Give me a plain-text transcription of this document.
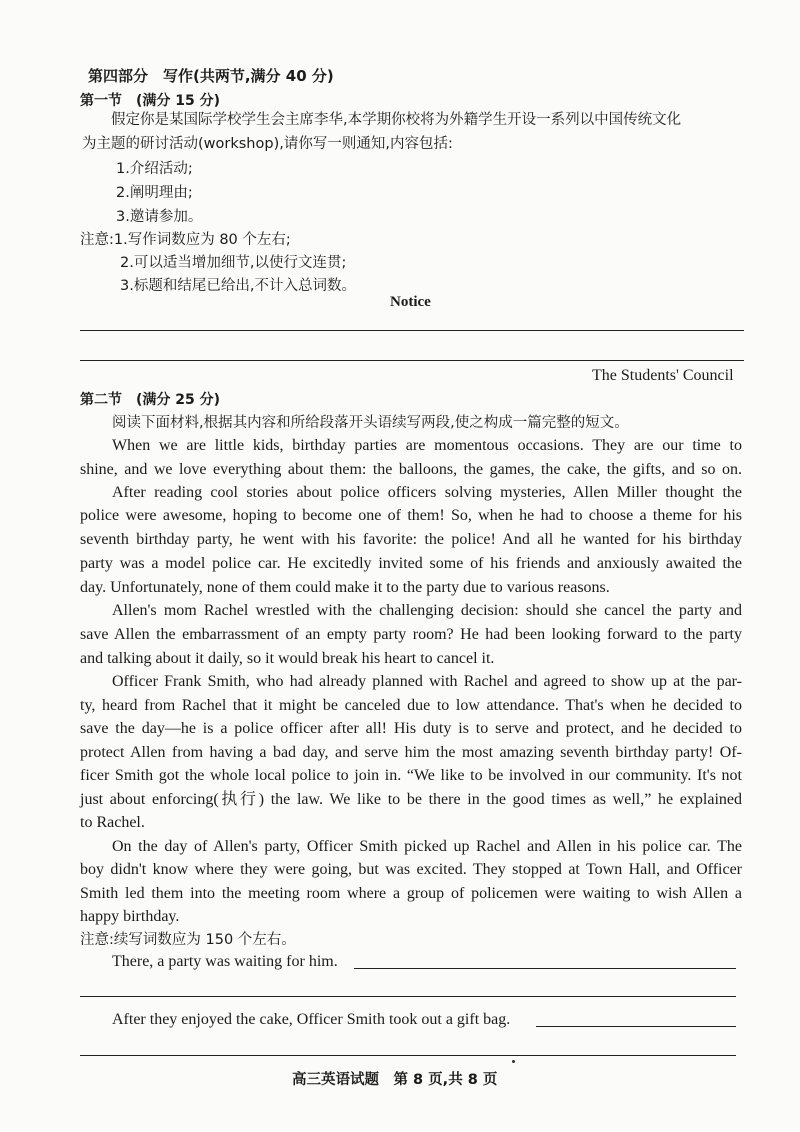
第四部分　写作(共两节,满分 40 分)
第一节　(满分 15 分)
假定你是某国际学校学生会主席李华,本学期你校将为外籍学生开设一系列以中国传统文化
为主题的研讨活动(workshop),请你写一则通知,内容包括:
1.介绍活动;
2.阐明理由;
3.邀请参加。
注意:1.写作词数应为 80 个左右;
2.可以适当增加细节,以使行文连贯;
3.标题和结尾已给出,不计入总词数。
Notice
The Students' Council
第二节　(满分 25 分)
阅读下面材料,根据其内容和所给段落开头语续写两段,使之构成一篇完整的短文。
When we are little kids, birthday parties are momentous occasions. They are our time to
shine, and we love everything about them: the balloons, the games, the cake, the gifts, and so on.
After reading cool stories about police officers solving mysteries, Allen Miller thought the
police were awesome, hoping to become one of them! So, when he had to choose a theme for his
seventh birthday party, he went with his favorite: the police! And all he wanted for his birthday
party was a model police car. He excitedly invited some of his friends and anxiously awaited the
day. Unfortunately, none of them could make it to the party due to various reasons.
Allen's mom Rachel wrestled with the challenging decision: should she cancel the party and
save Allen the embarrassment of an empty party room? He had been looking forward to the party
and talking about it daily, so it would break his heart to cancel it.
Officer Frank Smith, who had already planned with Rachel and agreed to show up at the par-
ty, heard from Rachel that it might be canceled due to low attendance. That's when he decided to
save the day—he is a police officer after all! His duty is to serve and protect, and he decided to
protect Allen from having a bad day, and serve him the most amazing seventh birthday party! Of-
ficer Smith got the whole local police to join in. “We like to be involved in our community. It's not
just about enforcing(执行) the law. We like to be there in the good times as well,” he explained
to Rachel.
On the day of Allen's party, Officer Smith picked up Rachel and Allen in his police car. The
boy didn't know where they were going, but was excited. They stopped at Town Hall, and Officer
Smith led them into the meeting room where a group of policemen were waiting to wish Allen a
happy birthday.
注意:续写词数应为 150 个左右。
There, a party was waiting for him.
After they enjoyed the cake, Officer Smith took out a gift bag.
高三英语试题　第 8 页,共 8 页
